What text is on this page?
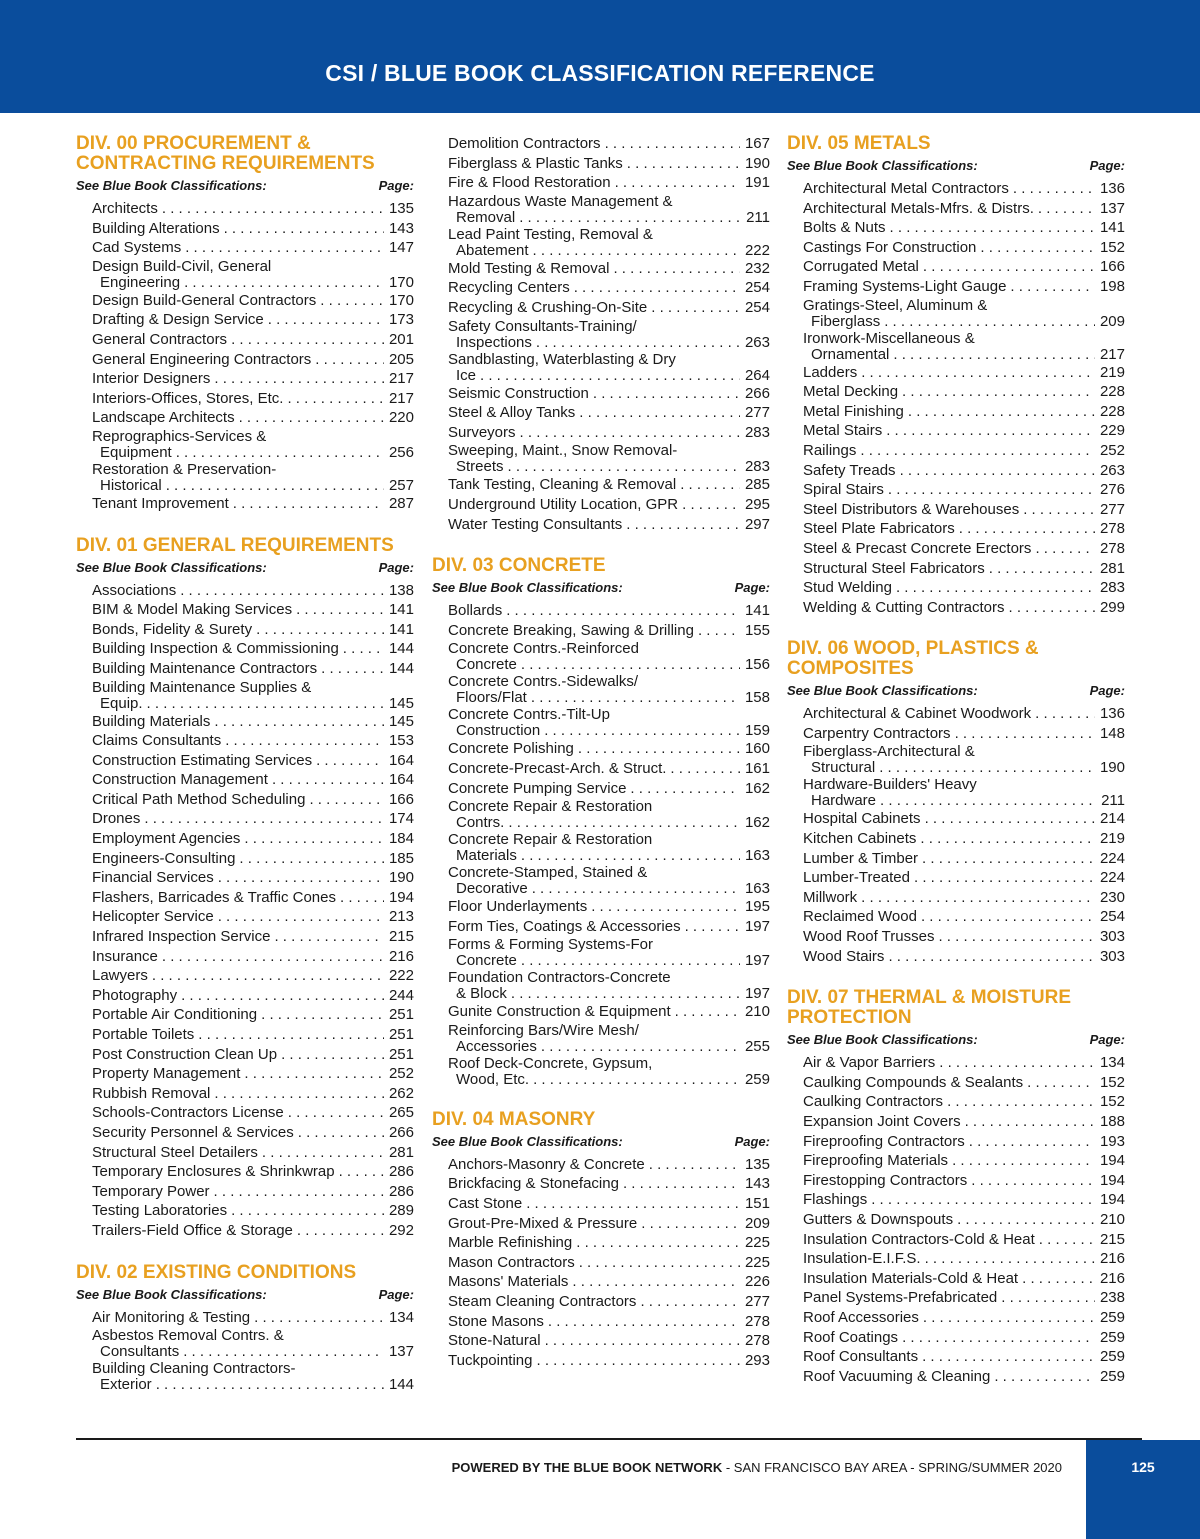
CSI / BLUE BOOK CLASSIFICATION REFERENCE
DIV. 00 PROCUREMENT & CONTRACTING REQUIREMENTS
See Blue Book Classifications:	Page:
Architects . . .	135
Building Alterations . . .	143
Cad Systems . . .	147
Design Build-Civil, General
Engineering . . .	170
Design Build-General Contractors . . .	170
Drafting & Design Service . . .	173
General Contractors . . .	201
General Engineering Contractors . . .	205
Interior Designers . . .	217
Interiors-Offices, Stores, Etc. . . .	217
Landscape Architects . . .	220
Reprographics-Services &
Equipment . . .	256
Restoration & Preservation-
Historical . . .	257
Tenant Improvement . . .	287
DIV. 01 GENERAL REQUIREMENTS
See Blue Book Classifications:	Page:
Associations . . .	138
BIM & Model Making Services . . .	141
Bonds, Fidelity & Surety . . .	141
Building Inspection & Commissioning . . .	144
Building Maintenance Contractors . . .	144
Building Maintenance Supplies &
Equip. . . .	145
Building Materials . . .	145
Claims Consultants . . .	153
Construction Estimating Services . . .	164
Construction Management . . .	164
Critical Path Method Scheduling . . .	166
Drones . . .	174
Employment Agencies . . .	184
Engineers-Consulting . . .	185
Financial Services . . .	190
Flashers, Barricades & Traffic Cones . . .	194
Helicopter Service . . .	213
Infrared Inspection Service . . .	215
Insurance . . .	216
Lawyers . . .	222
Photography . . .	244
Portable Air Conditioning . . .	251
Portable Toilets . . .	251
Post Construction Clean Up . . .	251
Property Management . . .	252
Rubbish Removal . . .	262
Schools-Contractors License . . .	265
Security Personnel & Services . . .	266
Structural Steel Detailers . . .	281
Temporary Enclosures & Shrinkwrap . . .	286
Temporary Power . . .	286
Testing Laboratories . . .	289
Trailers-Field Office & Storage . . .	292
DIV. 02 EXISTING CONDITIONS
See Blue Book Classifications:	Page:
Air Monitoring & Testing . . .	134
Asbestos Removal Contrs. &
Consultants . . .	137
Building Cleaning Contractors-
Exterior . . .	144
Demolition Contractors . . .	167
Fiberglass & Plastic Tanks . . .	190
Fire & Flood Restoration . . .	191
Hazardous Waste Management &
Removal . . .	211
Lead Paint Testing, Removal &
Abatement . . .	222
Mold Testing & Removal . . .	232
Recycling Centers . . .	254
Recycling & Crushing-On-Site . . .	254
Safety Consultants-Training/
Inspections . . .	263
Sandblasting, Waterblasting & Dry
Ice . . .	264
Seismic Construction . . .	266
Steel & Alloy Tanks . . .	277
Surveyors . . .	283
Sweeping, Maint., Snow Removal-
Streets . . .	283
Tank Testing, Cleaning & Removal . . .	285
Underground Utility Location, GPR . . .	295
Water Testing Consultants . . .	297
DIV. 03 CONCRETE
See Blue Book Classifications:	Page:
Bollards . . .	141
Concrete Breaking, Sawing & Drilling . . .	155
Concrete Contrs.-Reinforced
Concrete . . .	156
Concrete Contrs.-Sidewalks/
Floors/Flat . . .	158
Concrete Contrs.-Tilt-Up
Construction . . .	159
Concrete Polishing . . .	160
Concrete-Precast-Arch. & Struct. . . .	161
Concrete Pumping Service . . .	162
Concrete Repair & Restoration
Contrs. . . .	162
Concrete Repair & Restoration
Materials . . .	163
Concrete-Stamped, Stained &
Decorative . . .	163
Floor Underlayments . . .	195
Form Ties, Coatings & Accessories . . .	197
Forms & Forming Systems-For
Concrete . . .	197
Foundation Contractors-Concrete
& Block . . .	197
Gunite Construction & Equipment . . .	210
Reinforcing Bars/Wire Mesh/
Accessories . . .	255
Roof Deck-Concrete, Gypsum,
Wood, Etc. . . .	259
DIV. 04 MASONRY
See Blue Book Classifications:	Page:
Anchors-Masonry & Concrete . . .	135
Brickfacing & Stonefacing . . .	143
Cast Stone . . .	151
Grout-Pre-Mixed & Pressure . . .	209
Marble Refinishing . . .	225
Mason Contractors . . .	225
Masons' Materials . . .	226
Steam Cleaning Contractors . . .	277
Stone Masons . . .	278
Stone-Natural . . .	278
Tuckpointing . . .	293
DIV. 05 METALS
See Blue Book Classifications:	Page:
Architectural Metal Contractors . . .	136
Architectural Metals-Mfrs. & Distrs. . . .	137
Bolts & Nuts . . .	141
Castings For Construction . . .	152
Corrugated Metal . . .	166
Framing Systems-Light Gauge . . .	198
Gratings-Steel, Aluminum &
Fiberglass . . .	209
Ironwork-Miscellaneous &
Ornamental . . .	217
Ladders . . .	219
Metal Decking . . .	228
Metal Finishing . . .	228
Metal Stairs . . .	229
Railings . . .	252
Safety Treads . . .	263
Spiral Stairs . . .	276
Steel Distributors & Warehouses . . .	277
Steel Plate Fabricators . . .	278
Steel & Precast Concrete Erectors . . .	278
Structural Steel Fabricators . . .	281
Stud Welding . . .	283
Welding & Cutting Contractors . . .	299
DIV. 06 WOOD, PLASTICS & COMPOSITES
See Blue Book Classifications:	Page:
Architectural & Cabinet Woodwork . . .	136
Carpentry Contractors . . .	148
Fiberglass-Architectural &
Structural . . .	190
Hardware-Builders' Heavy
Hardware . . .	211
Hospital Cabinets . . .	214
Kitchen Cabinets . . .	219
Lumber & Timber . . .	224
Lumber-Treated . . .	224
Millwork . . .	230
Reclaimed Wood . . .	254
Wood Roof Trusses . . .	303
Wood Stairs . . .	303
DIV. 07 THERMAL & MOISTURE PROTECTION
See Blue Book Classifications:	Page:
Air & Vapor Barriers . . .	134
Caulking Compounds & Sealants . . .	152
Caulking Contractors . . .	152
Expansion Joint Covers . . .	188
Fireproofing Contractors . . .	193
Fireproofing Materials . . .	194
Firestopping Contractors . . .	194
Flashings . . .	194
Gutters & Downspouts . . .	210
Insulation Contractors-Cold & Heat . . .	215
Insulation-E.I.F.S. . . .	216
Insulation Materials-Cold & Heat . . .	216
Panel Systems-Prefabricated . . .	238
Roof Accessories . . .	259
Roof Coatings . . .	259
Roof Consultants . . .	259
Roof Vacuuming & Cleaning . . .	259
POWERED BY THE BLUE BOOK NETWORK - SAN FRANCISCO BAY AREA - SPRING/SUMMER 2020	125
